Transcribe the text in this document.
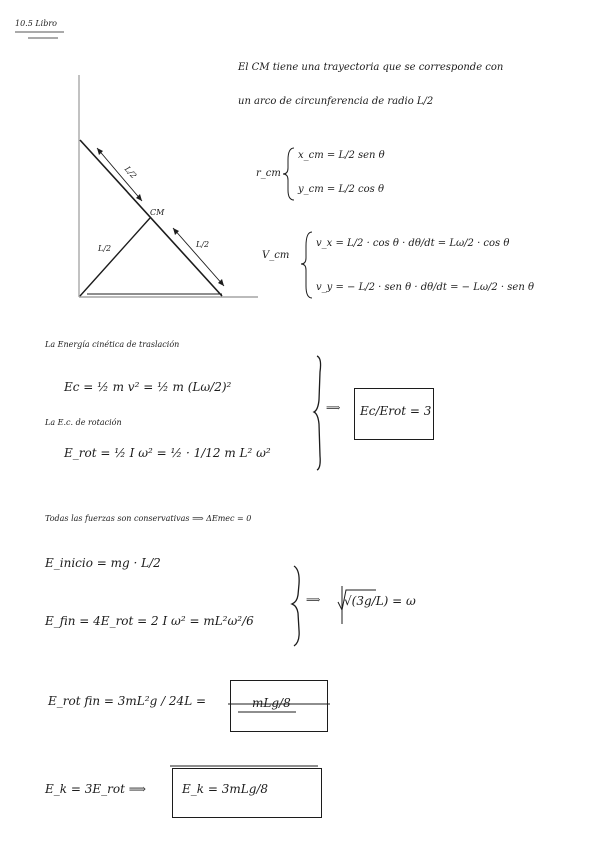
10.5 Libro
El CM tiene una trayectoria que se corresponde con
un arco de circunferencia de radio L/2
L/2
CM
L/2	L/2
r_cm
x_cm = L/2 sen θ
y_cm = L/2 cos θ
V_cm
v_x = L/2 · cos θ · dθ/dt = Lω/2 · cos θ
v_y = − L/2 · sen θ · dθ/dt = − Lω/2 · sen θ
La Energía cinética de traslación
Ec = ½ m v² = ½ m (Lω/2)²
La E.c. de rotación
E_rot = ½ I ω² = ½ · 1/12 m L² ω²
⟹ Ec/Erot = 3
Todas las fuerzas son conservativas ⟹ ΔEmec = 0
E_inicio = mg · L/2
E_fin = 4E_rot = 2 I ω² = mL²ω²/6
⟹ √(3g/L) = ω
E_rot fin = 3mL²g / 24L =	mLg/8
E_k = 3E_rot ⟹	E_k = 3mLg/8
